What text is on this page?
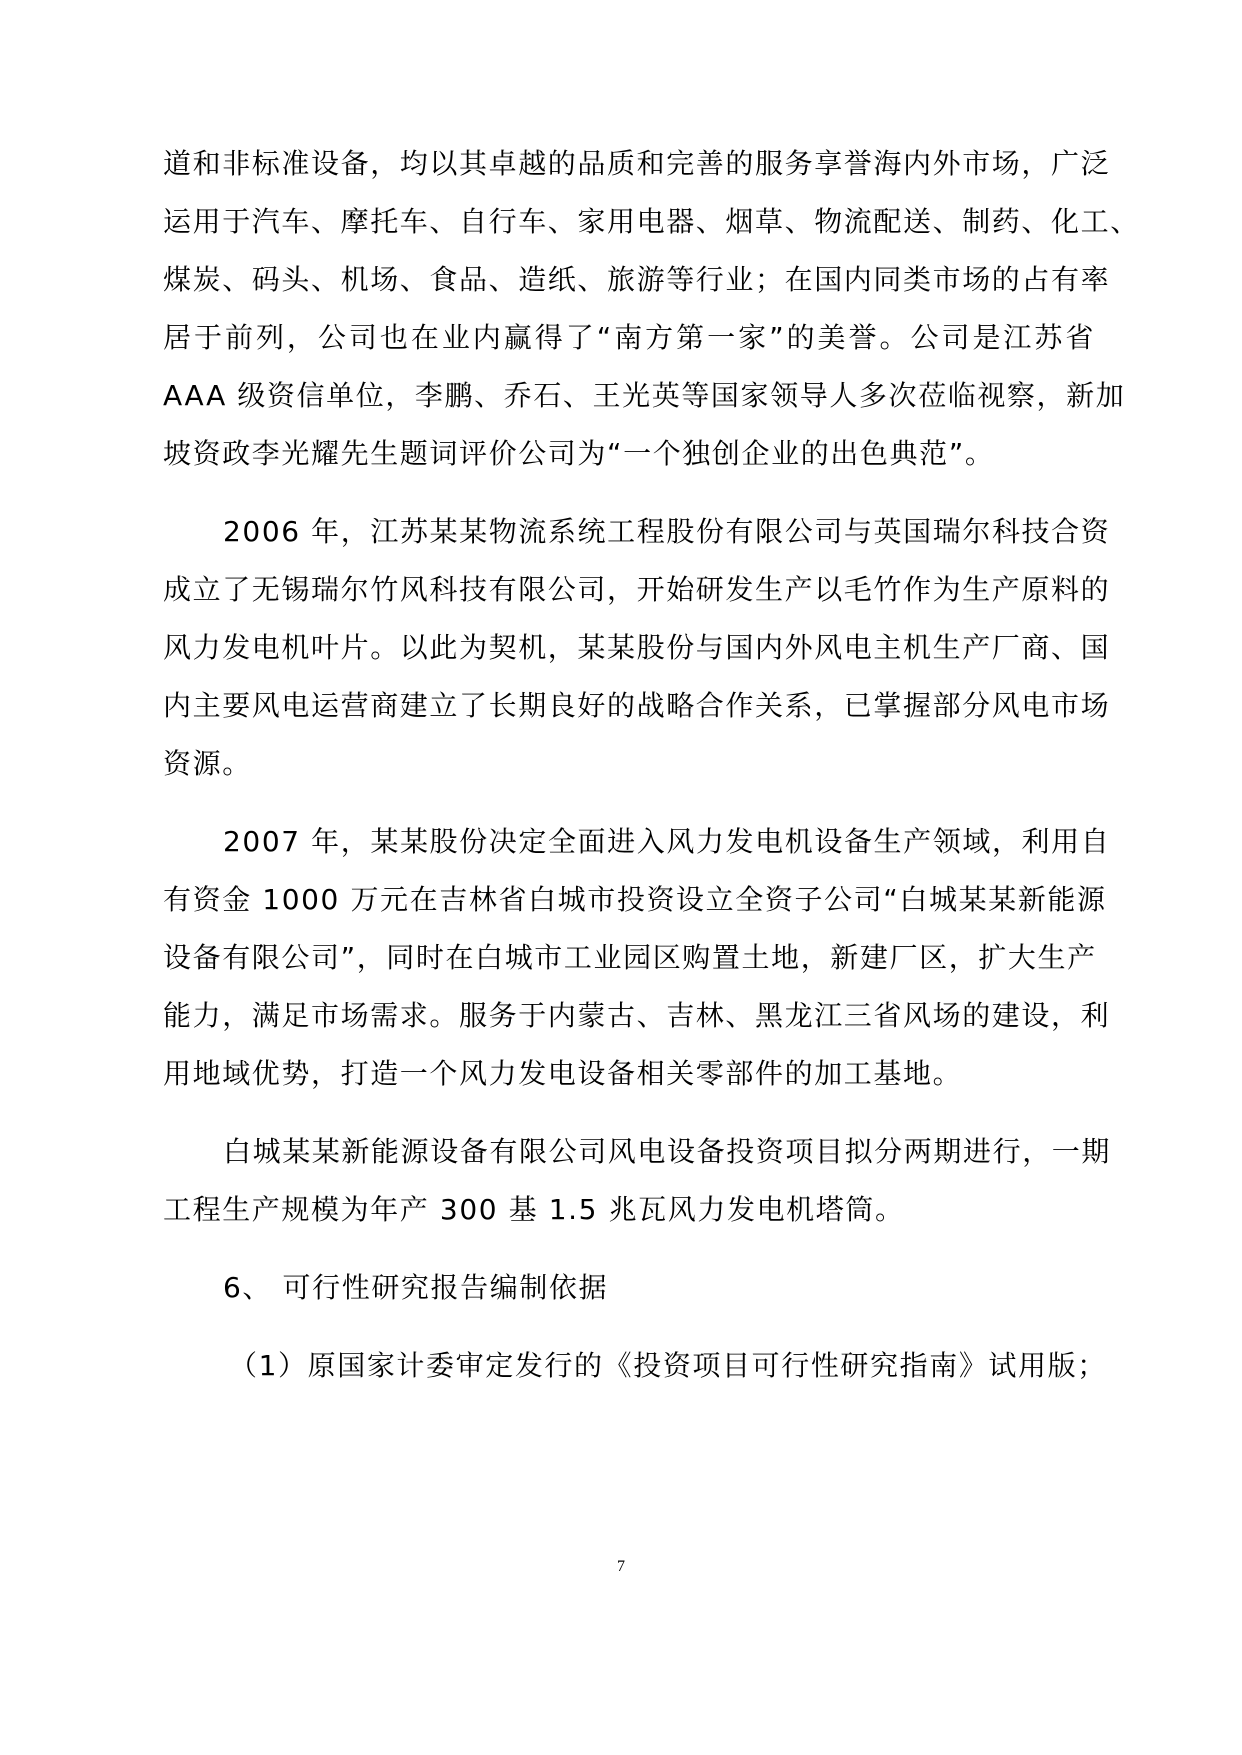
道和非标准设备，均以其卓越的品质和完善的服务享誉海内外市场，广泛
运用于汽车、摩托车、自行车、家用电器、烟草、物流配送、制药、化工、
煤炭、码头、机场、食品、造纸、旅游等行业；在国内同类市场的占有率
居于前列，公司也在业内赢得了“南方第一家”的美誉。公司是江苏省
AAA 级资信单位，李鹏、乔石、王光英等国家领导人多次莅临视察，新加
坡资政李光耀先生题词评价公司为“一个独创企业的出色典范”。
2006 年，江苏某某物流系统工程股份有限公司与英国瑞尔科技合资
成立了无锡瑞尔竹风科技有限公司，开始研发生产以毛竹作为生产原料的
风力发电机叶片。以此为契机，某某股份与国内外风电主机生产厂商、国
内主要风电运营商建立了长期良好的战略合作关系，已掌握部分风电市场
资源。
2007 年，某某股份决定全面进入风力发电机设备生产领域，利用自
有资金 1000 万元在吉林省白城市投资设立全资子公司“白城某某新能源
设备有限公司”，同时在白城市工业园区购置土地，新建厂区，扩大生产
能力，满足市场需求。服务于内蒙古、吉林、黑龙江三省风场的建设，利
用地域优势，打造一个风力发电设备相关零部件的加工基地。
白城某某新能源设备有限公司风电设备投资项目拟分两期进行，一期
工程生产规模为年产 300 基 1.5 兆瓦风力发电机塔筒。
6、 可行性研究报告编制依据
（1）原国家计委审定发行的《投资项目可行性研究指南》试用版；
7
